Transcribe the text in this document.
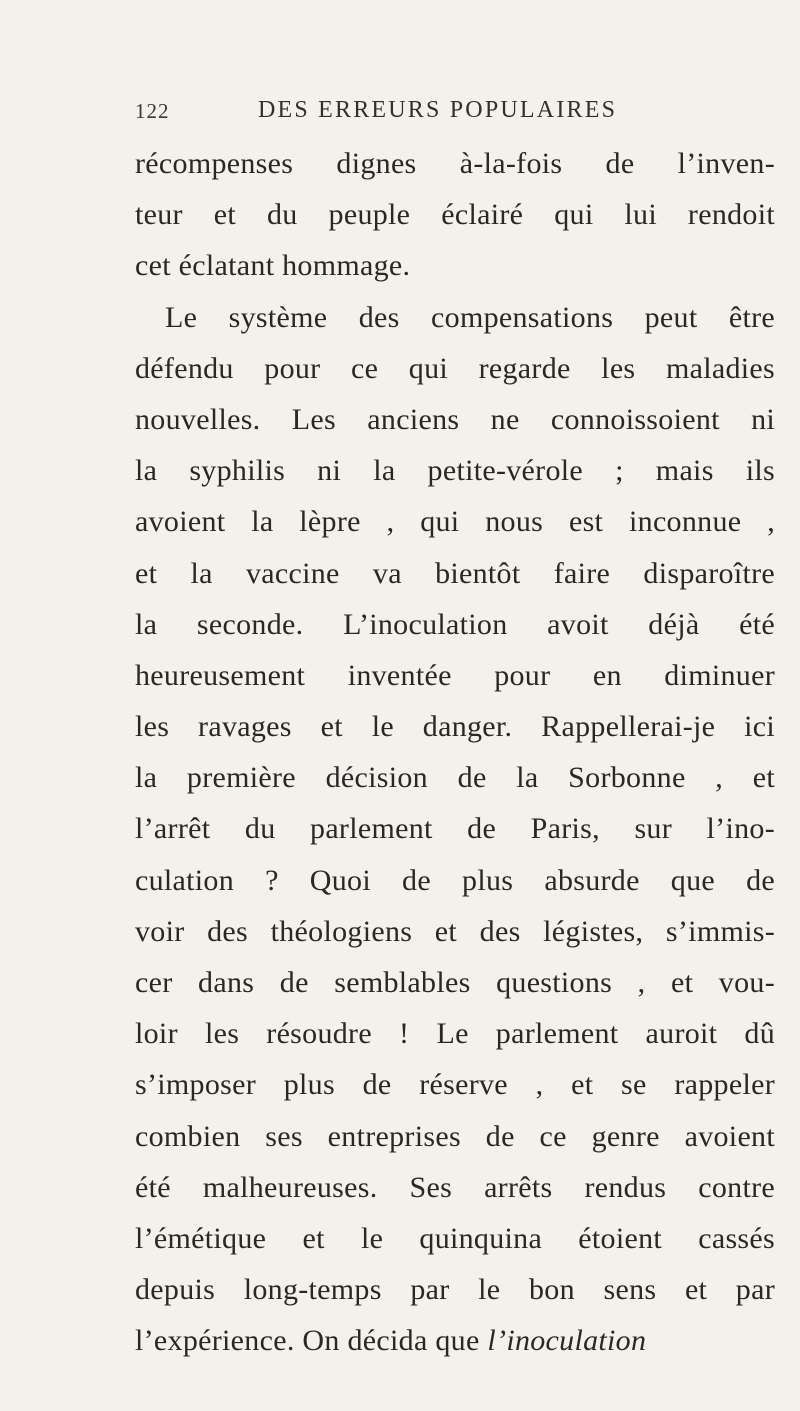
122	DES ERREURS POPULAIRES
récompenses dignes à-la-fois de l’inven-
teur et du peuple éclairé qui lui rendoit
cet éclatant hommage.
Le système des compensations peut être
défendu pour ce qui regarde les maladies
nouvelles. Les anciens ne connoissoient ni
la syphilis ni la petite-vérole ; mais ils
avoient la lèpre , qui nous est inconnue ,
et la vaccine va bientôt faire disparoître
la seconde. L’inoculation avoit déjà été
heureusement inventée pour en diminuer
les ravages et le danger. Rappellerai-je ici
la première décision de la Sorbonne , et
l’arrêt du parlement de Paris, sur l’ino-
culation ? Quoi de plus absurde que de
voir des théologiens et des légistes, s’immis-
cer dans de semblables questions , et vou-
loir les résoudre ! Le parlement auroit dû
s’imposer plus de réserve , et se rappeler
combien ses entreprises de ce genre avoient
été malheureuses. Ses arrêts rendus contre
l’émétique et le quinquina étoient cassés
depuis long-temps par le bon sens et par
l’expérience. On décida que l’inoculation
